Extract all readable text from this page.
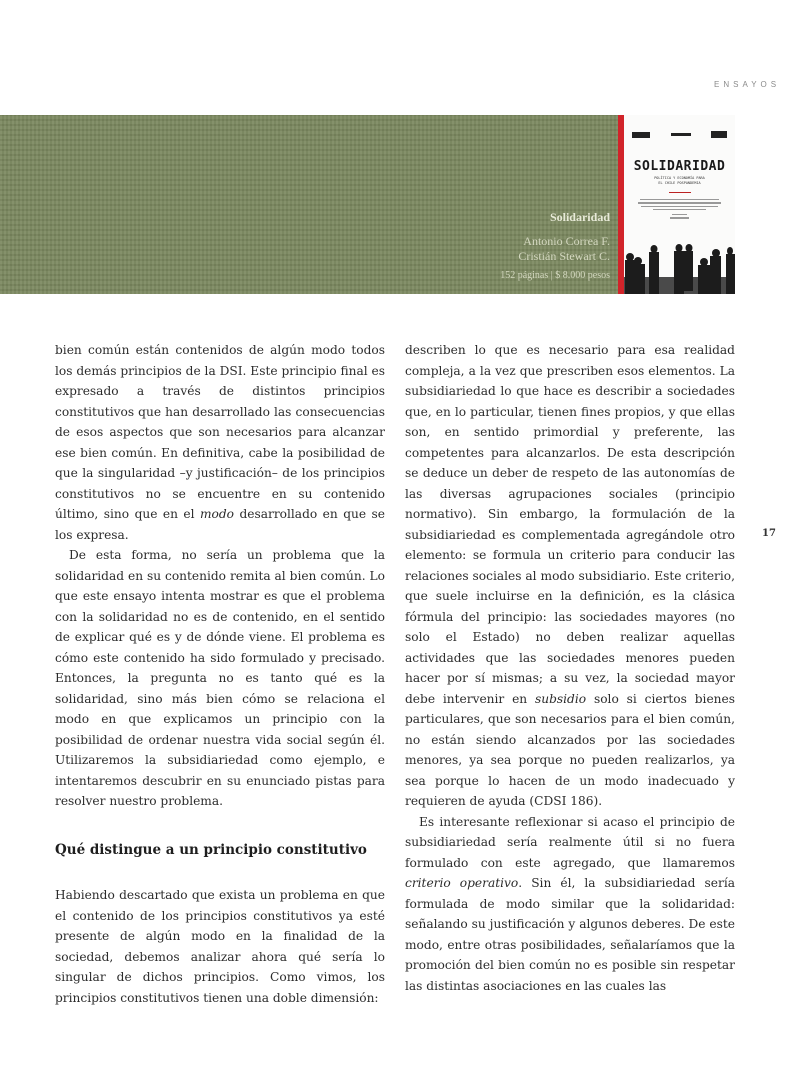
ENSAYOS
Solidaridad
Antonio Correa F.
Cristián Stewart C.
152 páginas | $ 8.000 pesos
SOLIDARIDAD
POLÍTICA Y ECONOMÍA PARA
EL CHILE POSPANDEMIA

bien común están contenidos de algún modo todos los demás principios de la DSI. Este principio final es expresado a través de distintos principios constitutivos que han desarrollado las consecuencias de esos aspectos que son necesarios para alcanzar ese bien común. En definitiva, cabe la posibilidad de que la singularidad –y justificación– de los principios constitutivos no se encuentre en su contenido último, sino que en el modo desarrollado en que se los expresa.

De esta forma, no sería un problema que la solidaridad en su contenido remita al bien común. Lo que este ensayo intenta mostrar es que el problema con la solidaridad no es de contenido, en el sentido de explicar qué es y de dónde viene. El problema es cómo este contenido ha sido formulado y precisado. Entonces, la pregunta no es tanto qué es la solidaridad, sino más bien cómo se relaciona el modo en que explicamos un principio con la posibilidad de ordenar nuestra vida social según él. Utilizaremos la subsidiariedad como ejemplo, e intentaremos descubrir en su enunciado pistas para resolver nuestro problema.

Qué distingue a un principio constitutivo

Habiendo descartado que exista un problema en que el contenido de los principios constitutivos ya esté presente de algún modo en la finalidad de la sociedad, debemos analizar ahora qué sería lo singular de dichos principios. Como vimos, los principios constitutivos tienen una doble dimensión:

describen lo que es necesario para esa realidad compleja, a la vez que prescriben esos elementos. La subsidiariedad lo que hace es describir a sociedades que, en lo particular, tienen fines propios, y que ellas son, en sentido primordial y preferente, las competentes para alcanzarlos. De esta descripción se deduce un deber de respeto de las autonomías de las diversas agrupaciones sociales (principio normativo). Sin embargo, la formulación de la subsidiariedad es complementada agregándole otro elemento: se formula un criterio para conducir las relaciones sociales al modo subsidiario. Este criterio, que suele incluirse en la definición, es la clásica fórmula del principio: las sociedades mayores (no solo el Estado) no deben realizar aquellas actividades que las sociedades menores pueden hacer por sí mismas; a su vez, la sociedad mayor debe intervenir en subsidio solo si ciertos bienes particulares, que son necesarios para el bien común, no están siendo alcanzados por las sociedades menores, ya sea porque no pueden realizarlos, ya sea porque lo hacen de un modo inadecuado y requieren de ayuda (CDSI 186).

Es interesante reflexionar si acaso el principio de subsidiariedad sería realmente útil si no fuera formulado con este agregado, que llamaremos criterio operativo. Sin él, la subsidiariedad sería formulada de modo similar que la solidaridad: señalando su justificación y algunos deberes. De este modo, entre otras posibilidades, señalaríamos que la promoción del bien común no es posible sin respetar las distintas asociaciones en las cuales las

17
